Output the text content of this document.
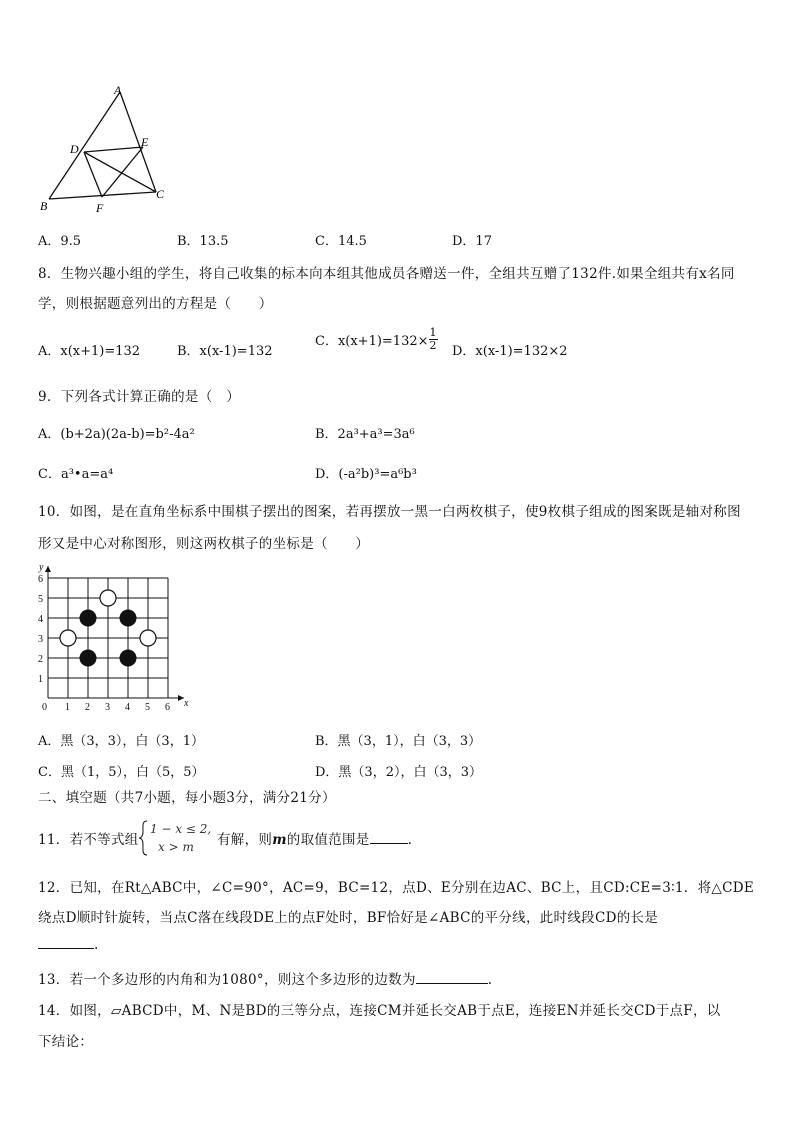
A
D	E
C
B	F
A．9.5	B．13.5	C．14.5	D．17
8．生物兴趣小组的学生，将自己收集的标本向本组其他成员各赠送一件，全组共互赠了132件.如果全组共有x名同
学，则根据题意列出的方程是（　　）
A．x(x+1)=132	B．x(x-1)=132
C．$x(x+1)=132\times \frac{1}{2}$ D．x(x-1)=132×2
9．下列各式计算正确的是（　）
A．(b+2a)(2a-b)=b²-4a²	B．2a³+a³=3a⁶
C．a³•a=a⁴	D．(-a²b)³=a⁶b³
10．如图，是在直角坐标系中围棋子摆出的图案，若再摆放一黑一白两枚棋子，使9枚棋子组成的图案既是轴对称图
形又是中心对称图形，则这两枚棋子的坐标是（　　）
0 1 2 3 4 5 6
1
2
3
4
5
6
x
y
A．黑（3，3），白（3，1）	B．黑（3，1），白（3，3）
C．黑（1，5），白（5，5）	D．黑（3，2），白（3，3）
二、填空题（共7小题，每小题3分，满分21分）
11．若不等式组
1 − 𝑥 ≤ 2,
𝑥 > 𝑚 有解，则m的取值范围是	.
12．已知，在Rt△ABC中，∠C=90°，AC=9，BC=12，点D、E分别在边AC、BC上，且CD:CE=3∶1．将△CDE
绕点D顺时针旋转，当点C落在线段DE上的点F处时，BF恰好是∠ABC的平分线，此时线段CD的长是
.
13．若一个多边形的内角和为1080°，则这个多边形的边数为	.
14．如图，▱ABCD中，M、N是BD的三等分点，连接CM并延长交AB于点E，连接EN并延长交CD于点F，以
下结论：
